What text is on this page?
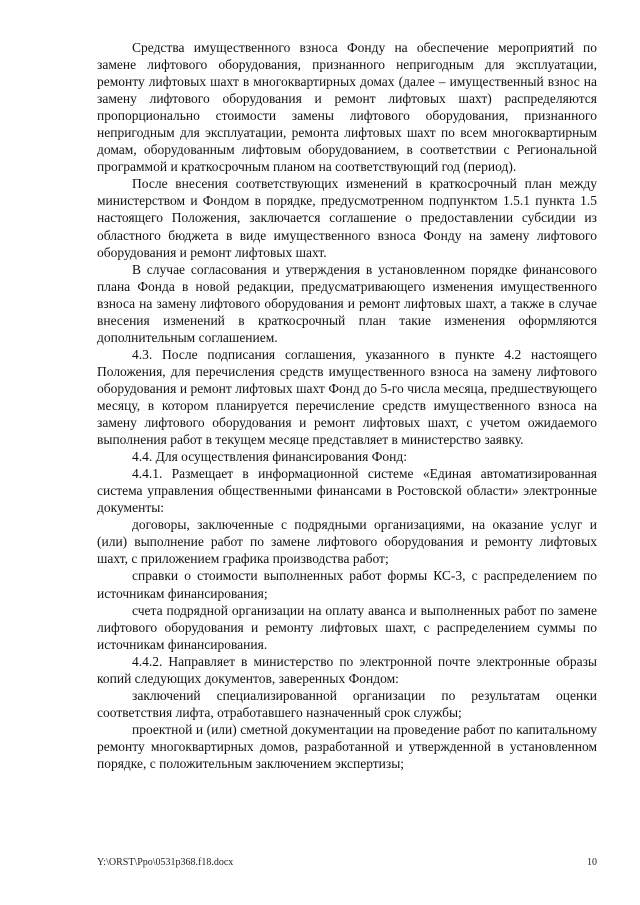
Средства имущественного взноса Фонду на обеспечение мероприятий по замене лифтового оборудования, признанного непригодным для эксплуатации, ремонту лифтовых шахт в многоквартирных домах (далее – имущественный взнос на замену лифтового оборудования и ремонт лифтовых шахт) распределяются пропорционально стоимости замены лифтового оборудования, признанного непригодным для эксплуатации, ремонта лифтовых шахт по всем многоквартирным домам, оборудованным лифтовым оборудованием, в соответствии с Региональной программой и краткосрочным планом на соответствующий год (период).

После внесения соответствующих изменений в краткосрочный план между министерством и Фондом в порядке, предусмотренном подпунктом 1.5.1 пункта 1.5 настоящего Положения, заключается соглашение о предоставлении субсидии из областного бюджета в виде имущественного взноса Фонду на замену лифтового оборудования и ремонт лифтовых шахт.

В случае согласования и утверждения в установленном порядке финансового плана Фонда в новой редакции, предусматривающего изменения имущественного взноса на замену лифтового оборудования и ремонт лифтовых шахт, а также в случае внесения изменений в краткосрочный план такие изменения оформляются дополнительным соглашением.

4.3. После подписания соглашения, указанного в пункте 4.2 настоящего Положения, для перечисления средств имущественного взноса на замену лифтового оборудования и ремонт лифтовых шахт Фонд до 5-го числа месяца, предшествующего месяцу, в котором планируется перечисление средств имущественного взноса на замену лифтового оборудования и ремонт лифтовых шахт, с учетом ожидаемого выполнения работ в текущем месяце представляет в министерство заявку.

4.4. Для осуществления финансирования Фонд:

4.4.1. Размещает в информационной системе «Единая автоматизированная система управления общественными финансами в Ростовской области» электронные документы:

договоры, заключенные с подрядными организациями, на оказание услуг и (или) выполнение работ по замене лифтового оборудования и ремонту лифтовых шахт, с приложением графика производства работ;

справки о стоимости выполненных работ формы КС-3, с распределением по источникам финансирования;

счета подрядной организации на оплату аванса и выполненных работ по замене лифтового оборудования и ремонту лифтовых шахт, с распределением суммы по источникам финансирования.

4.4.2. Направляет в министерство по электронной почте электронные образы копий следующих документов, заверенных Фондом:

заключений специализированной организации по результатам оценки соответствия лифта, отработавшего назначенный срок службы;

проектной и (или) сметной документации на проведение работ по капитальному ремонту многоквартирных домов, разработанной и утвержденной в установленном порядке, с положительным заключением экспертизы;

Y:\ORST\Ppo\0531p368.f18.docx	10
